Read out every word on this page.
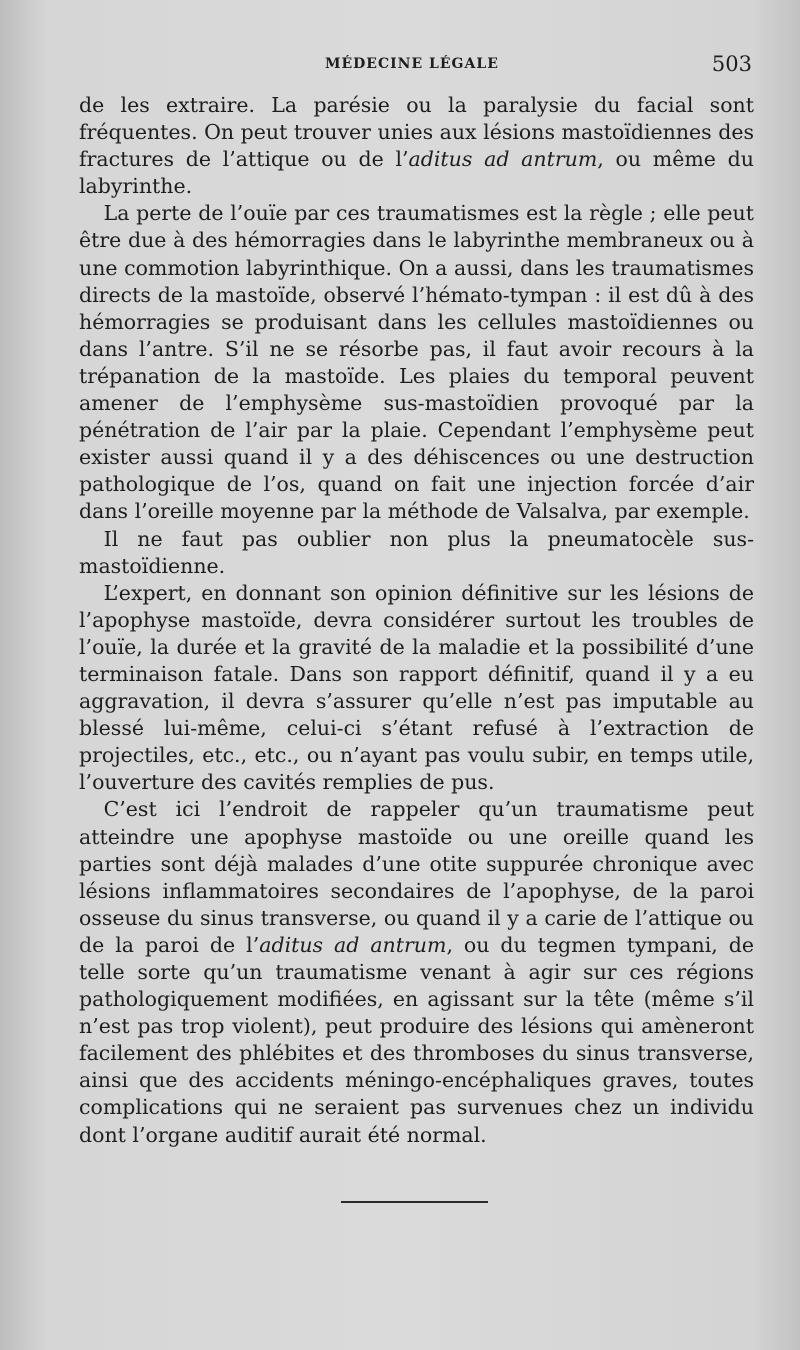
MÉDECINE LÉGALE	503

de les extraire. La parésie ou la paralysie du facial sont fréquentes. On peut trouver unies aux lésions mastoïdiennes des fractures de l’attique ou de l’aditus ad antrum, ou même du labyrinthe.

La perte de l’ouïe par ces traumatismes est la règle ; elle peut être due à des hémorragies dans le labyrinthe membraneux ou à une commotion labyrinthique. On a aussi, dans les traumatismes directs de la mastoïde, observé l’hémato-tympan : il est dû à des hémorragies se produisant dans les cellules mastoïdiennes ou dans l’antre. S’il ne se résorbe pas, il faut avoir recours à la trépanation de la mastoïde. Les plaies du temporal peuvent amener de l’emphysème sus-mastoïdien provoqué par la pénétration de l’air par la plaie. Cependant l’emphysème peut exister aussi quand il y a des déhiscences ou une destruction pathologique de l’os, quand on fait une injection forcée d’air dans l’oreille moyenne par la méthode de Valsalva, par exemple.

Il ne faut pas oublier non plus la pneumatocèle sus-mastoïdienne.

L’expert, en donnant son opinion définitive sur les lésions de l’apophyse mastoïde, devra considérer surtout les troubles de l’ouïe, la durée et la gravité de la maladie et la possibilité d’une terminaison fatale. Dans son rapport définitif, quand il y a eu aggravation, il devra s’assurer qu’elle n’est pas imputable au blessé lui-même, celui-ci s’étant refusé à l’extraction de projectiles, etc., etc., ou n’ayant pas voulu subir, en temps utile, l’ouverture des cavités remplies de pus.

C’est ici l’endroit de rappeler qu’un traumatisme peut atteindre une apophyse mastoïde ou une oreille quand les parties sont déjà malades d’une otite suppurée chronique avec lésions inflammatoires secondaires de l’apophyse, de la paroi osseuse du sinus transverse, ou quand il y a carie de l’attique ou de la paroi de l’aditus ad antrum, ou du tegmen tympani, de telle sorte qu’un traumatisme venant à agir sur ces régions pathologiquement modifiées, en agissant sur la tête (même s’il n’est pas trop violent), peut produire des lésions qui amèneront facilement des phlébites et des thromboses du sinus transverse, ainsi que des accidents méningo-encéphaliques graves, toutes complications qui ne seraient pas survenues chez un individu dont l’organe auditif aurait été normal.
